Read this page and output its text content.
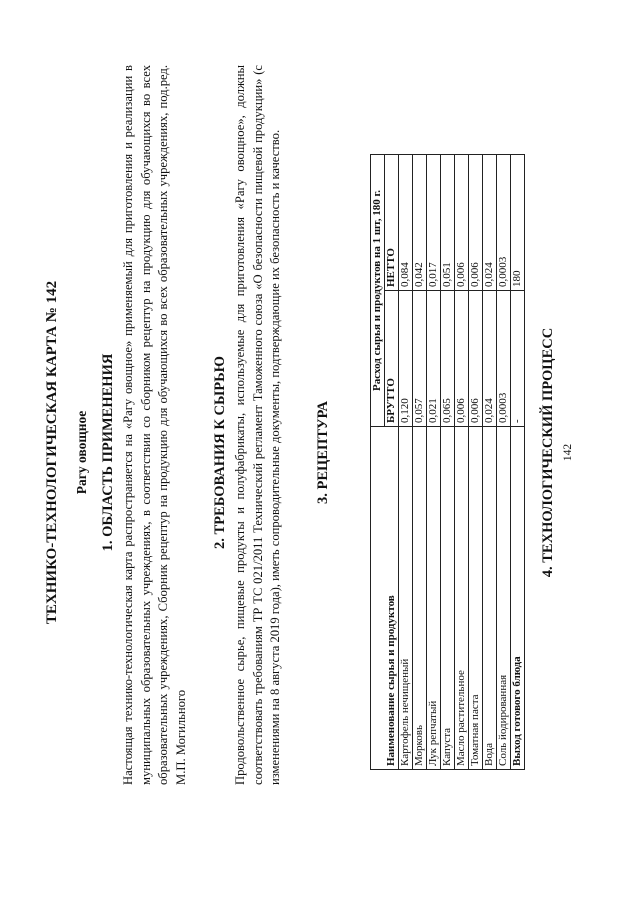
ТЕХНИКО-ТЕХНОЛОГИЧЕСКАЯ КАРТА № 142 Рагу овощное 1. ОБЛАСТЬ ПРИМЕНЕНИЯ Настоящая технико-технологическая карта распространяется на «Рагу овощное» применяемый для приготовления и реализации в муниципальных образовательных учреждениях, в соответствии со сборником рецептур на продукцию для обучающихся во всех образовательных учреждениях, Сборник рецептур на продукцию для обучающихся во всех образовательных учреждениях, под.ред. М.П. Могильного
2. ТРЕБОВАНИЯ К СЫРЬЮ Продовольственное сырье, пищевые продукты и полуфабрикаты, используемые для приготовления «Рагу овощное», должны соответствовать требованиям ТР ТС 021/2011 Технический регламент Таможенного союза «О безопасности пищевой продукции» (с изменениями на 8 августа 2019 года), иметь сопроводительные документы, подтверждающие их безопасность и качество. 3. РЕЦЕПТУРА
Наименование сырья и продуктов	Расход сырья и продуктов на 1 шт, 180 г.	
	БРУТТО	НЕТТО
Картофель нечищеный	0,120	0,084
Морковь	0,057	0,042
Лук репчатый	0,021	0,017
Капуста	0,065	0,051
Масло растительное	0,006	0,006
Томатная паста	0,006	0,006
Вода	0,024	0,024
Соль йодированная	0,0003	0,0003
Выход готового блюда	-	180
4. ТЕХНОЛОГИЧЕСКИЙ ПРОЦЕСС 142
